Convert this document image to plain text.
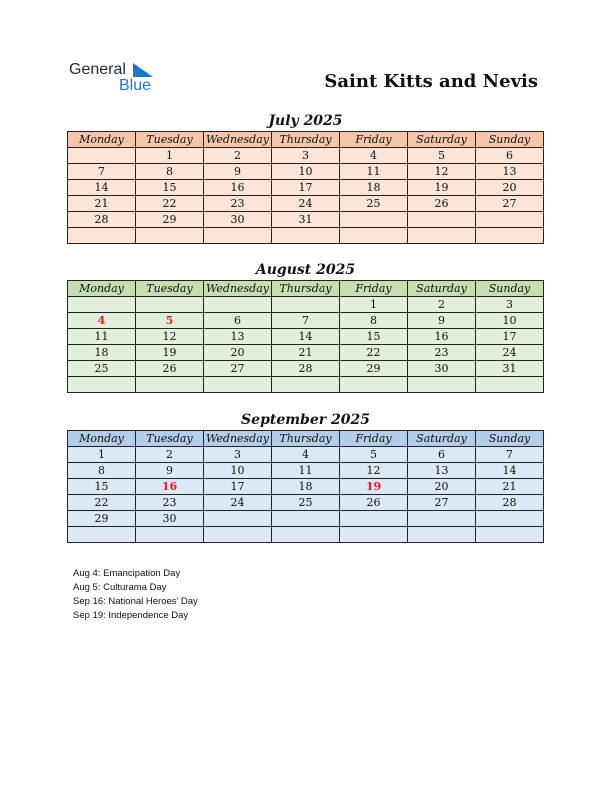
General
Blue	Saint Kitts and Nevis
July 2025
Monday	Tuesday	Wednesday	Thursday	Friday	Saturday	Sunday
	1	2	3	4	5	6
7	8	9	10	11	12	13
14	15	16	17	18	19	20
21	22	23	24	25	26	27
28	29	30	31			

August 2025
Monday	Tuesday	Wednesday	Thursday	Friday	Saturday	Sunday
				1	2	3
4	5	6	7	8	9	10
11	12	13	14	15	16	17
18	19	20	21	22	23	24
25	26	27	28	29	30	31

September 2025
Monday	Tuesday	Wednesday	Thursday	Friday	Saturday	Sunday
1	2	3	4	5	6	7
8	9	10	11	12	13	14
15	16	17	18	19	20	21
22	23	24	25	26	27	28
29	30					

Aug 4: Emancipation Day
Aug 5: Culturama Day
Sep 16: National Heroes’ Day
Sep 19: Independence Day
